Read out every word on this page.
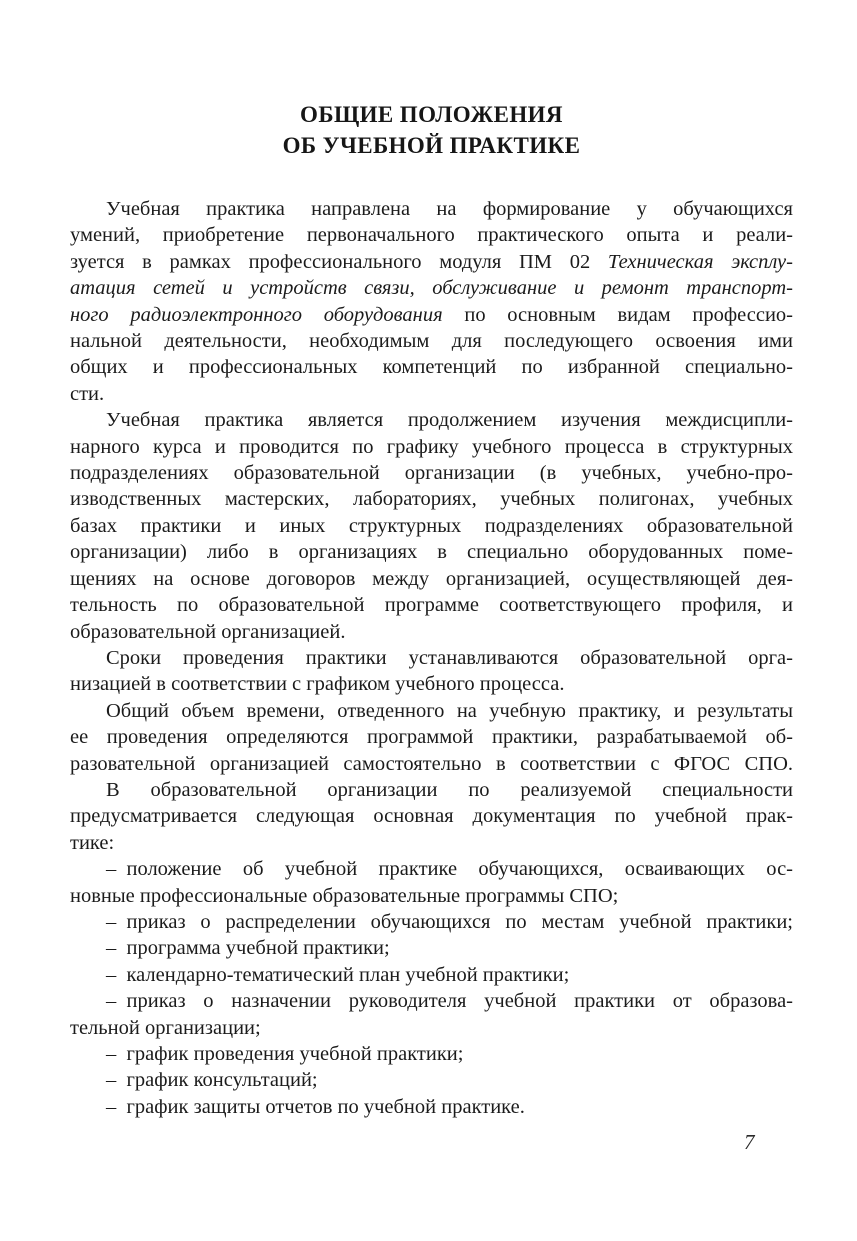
ОБЩИЕ ПОЛОЖЕНИЯ
ОБ УЧЕБНОЙ ПРАКТИКЕ
Учебная практика направлена на формирование у обучающихся
умений, приобретение первоначального практического опыта и реали-
зуется в рамках профессионального модуля ПМ 02 Техническая эксплу-
атация сетей и устройств связи, обслуживание и ремонт транспорт-
ного радиоэлектронного оборудования по основным видам профессио-
нальной деятельности, необходимым для последующего освоения ими
общих и профессиональных компетенций по избранной специально-
сти.
Учебная практика является продолжением изучения междисципли-
нарного курса и проводится по графику учебного процесса в структурных
подразделениях образовательной организации (в учебных, учебно-про-
изводственных мастерских, лабораториях, учебных полигонах, учебных
базах практики и иных структурных подразделениях образовательной
организации) либо в организациях в специально оборудованных поме-
щениях на основе договоров между организацией, осуществляющей дея-
тельность по образовательной программе соответствующего профиля, и
образовательной организацией.
Сроки проведения практики устанавливаются образовательной орга-
низацией в соответствии с графиком учебного процесса.
Общий объем времени, отведенного на учебную практику, и результаты
ее проведения определяются программой практики, разрабатываемой об-
разовательной организацией самостоятельно в соответствии с ФГОС СПО.
В образовательной организации по реализуемой специальности
предусматривается следующая основная документация по учебной прак-
тике:
– положение об учебной практике обучающихся, осваивающих ос-
новные профессиональные образовательные программы СПО;
– приказ о распределении обучающихся по местам учебной практики;
– программа учебной практики;
– календарно-тематический план учебной практики;
– приказ о назначении руководителя учебной практики от образова-
тельной организации;
– график проведения учебной практики;
– график консультаций;
– график защиты отчетов по учебной практике.
7
